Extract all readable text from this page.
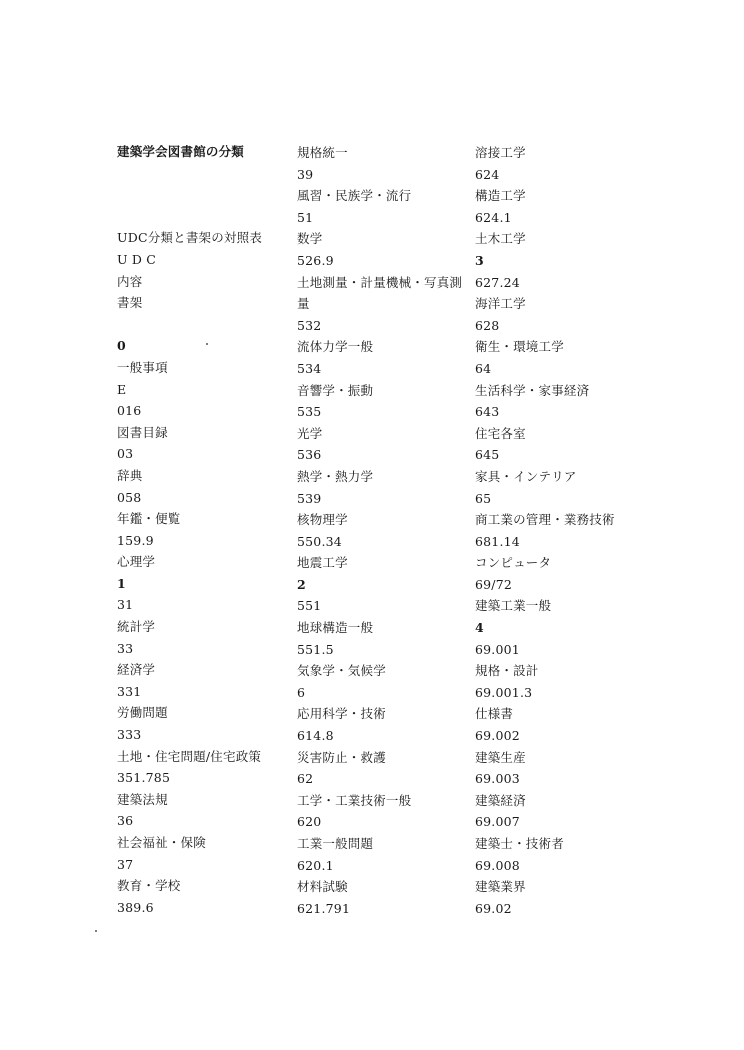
建築学会図書館の分類
UDC分類と書架の対照表
U D C
内容
書架
0
一般事項
E
016
図書目録
03
辞典
058
年鑑・便覧
159.9
心理学
1
31
統計学
33
経済学
331
労働問題
333
土地・住宅問題/住宅政策
351.785
建築法規
36
社会福祉・保険
37
教育・学校
389.6
規格統一
39
風習・民族学・流行
51
数学
526.9
土地測量・計量機械・写真測
量
532
流体力学一般
534
音響学・振動
535
光学
536
熱学・熱力学
539
核物理学
550.34
地震工学
2
551
地球構造一般
551.5
気象学・気候学
6
応用科学・技術
614.8
災害防止・救護
62
工学・工業技術一般
620
工業一般問題
620.1
材料試験
621.791
溶接工学
624
構造工学
624.1
土木工学
3
627.24
海洋工学
628
衛生・環境工学
64
生活科学・家事経済
643
住宅各室
645
家具・インテリア
65
商工業の管理・業務技術
681.14
コンピュータ
69/72
建築工業一般
4
69.001
規格・設計
69.001.3
仕様書
69.002
建築生産
69.003
建築経済
69.007
建築士・技術者
69.008
建築業界
69.02
